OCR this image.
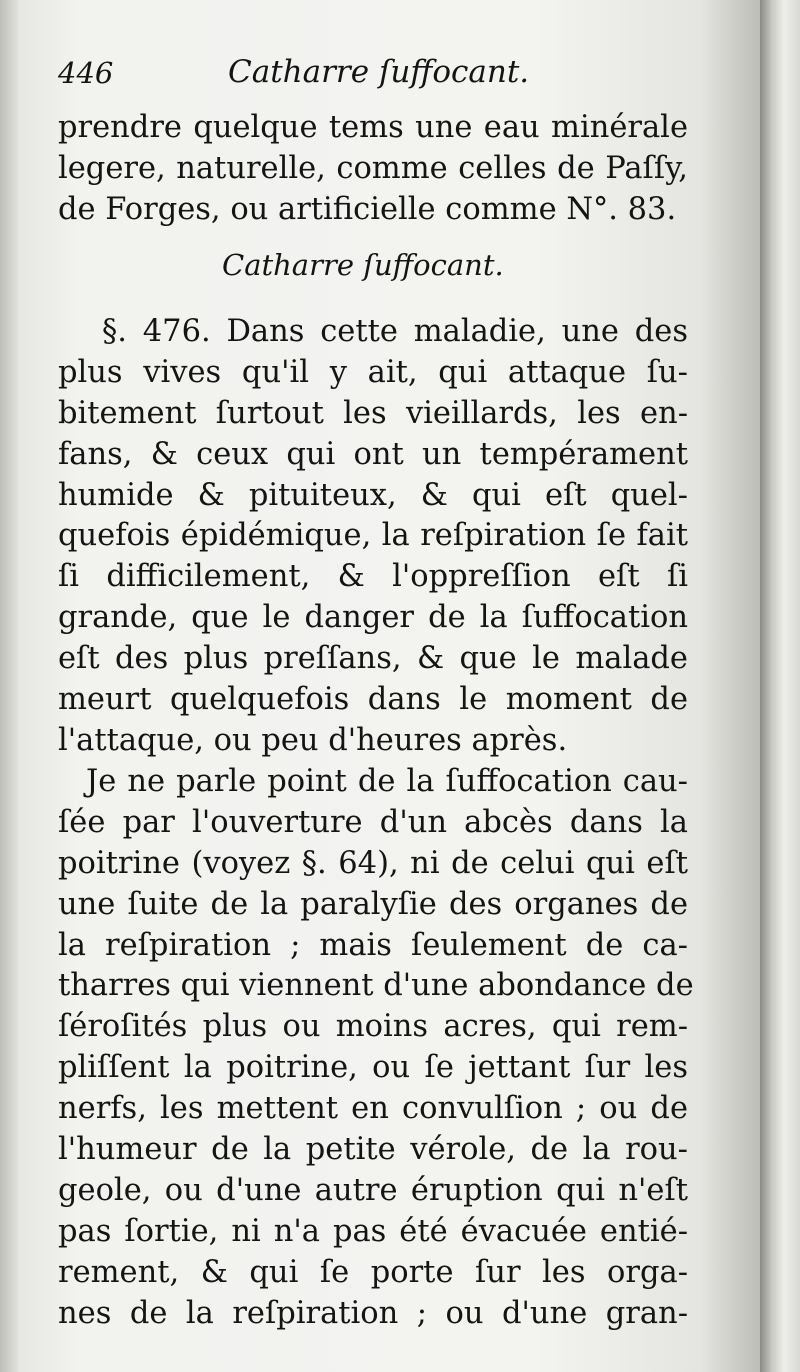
446	Catharre ſuffocant.
prendre quelque tems une eau minérale
legere, naturelle, comme celles de Paſſy,
de Forges, ou artificielle comme N°. 83.
Catharre ſuffocant.
§. 476. Dans cette maladie, une des
plus vives qu'il y ait, qui attaque ſu-
bitement ſurtout les vieillards, les en-
fans, & ceux qui ont un tempérament
humide & pituiteux, & qui eſt quel-
quefois épidémique, la reſpiration ſe fait
ſi difficilement, & l'oppreſſion eſt ſi
grande, que le danger de la ſuffocation
eſt des plus preſſans, & que le malade
meurt quelquefois dans le moment de
l'attaque, ou peu d'heures après.
Je ne parle point de la ſuffocation cau-
ſée par l'ouverture d'un abcès dans la
poitrine (voyez §. 64), ni de celui qui eſt
une ſuite de la paralyſie des organes de
la reſpiration ; mais ſeulement de ca-
tharres qui viennent d'une abondance de
ſéroſités plus ou moins acres, qui rem-
pliſſent la poitrine, ou ſe jettant ſur les
nerfs, les mettent en convulſion ; ou de
l'humeur de la petite vérole, de la rou-
geole, ou d'une autre éruption qui n'eſt
pas ſortie, ni n'a pas été évacuée entié-
rement, & qui ſe porte ſur les orga-
nes de la reſpiration ; ou d'une gran-
